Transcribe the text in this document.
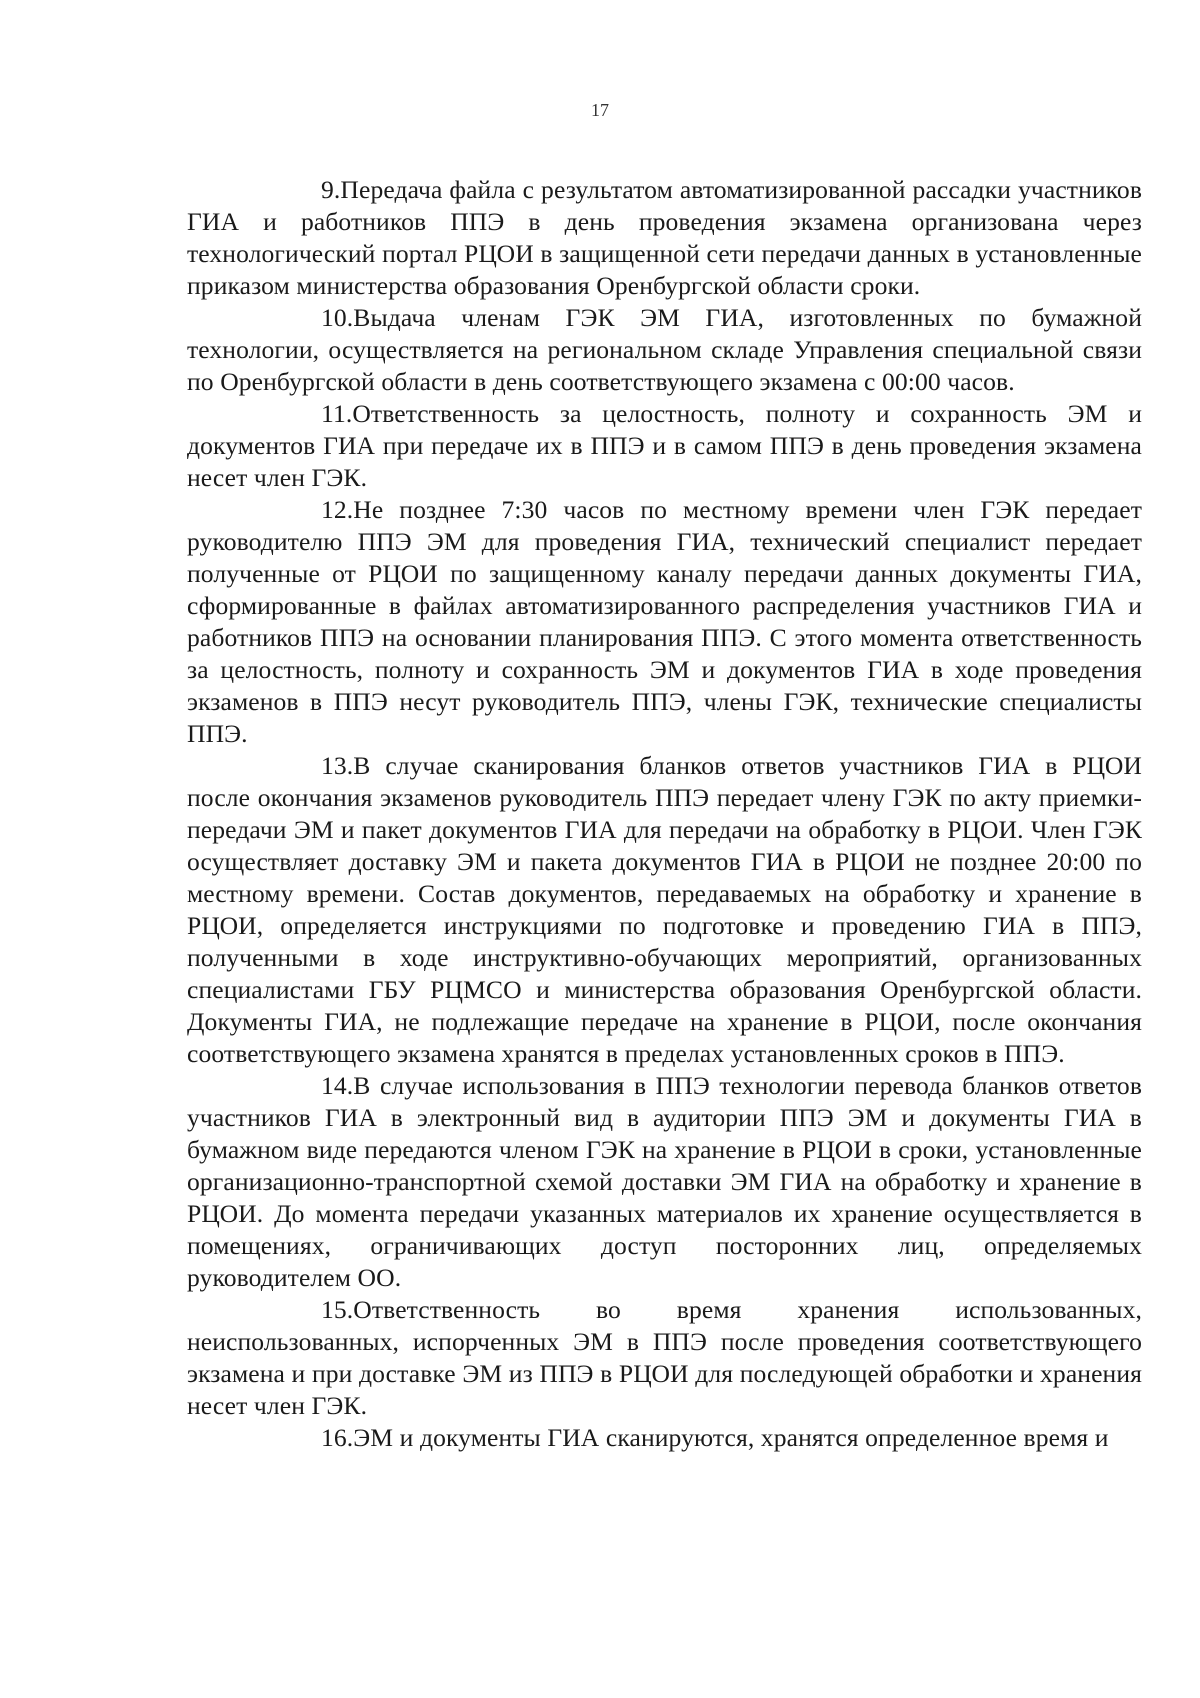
17

9.Передача файла с результатом автоматизированной рассадки участников ГИА и работников ППЭ в день проведения экзамена организована через технологический портал РЦОИ в защищенной сети передачи данных в установленные приказом министерства образования Оренбургской области сроки.

10.Выдача членам ГЭК ЭМ ГИА, изготовленных по бумажной технологии, осуществляется на региональном складе Управления специальной связи по Оренбургской области в день соответствующего экзамена с 00:00 часов.

11.Ответственность за целостность, полноту и сохранность ЭМ и документов ГИА при передаче их в ППЭ и в самом ППЭ в день проведения экзамена несет член ГЭК.

12.Не позднее 7:30 часов по местному времени член ГЭК передает руководителю ППЭ ЭМ для проведения ГИА, технический специалист передает полученные от РЦОИ по защищенному каналу передачи данных документы ГИА, сформированные в файлах автоматизированного распределения участников ГИА и работников ППЭ на основании планирования ППЭ. С этого момента ответственность за целостность, полноту и сохранность ЭМ и документов ГИА в ходе проведения экзаменов в ППЭ несут руководитель ППЭ, члены ГЭК, технические специалисты ППЭ.

13.В случае сканирования бланков ответов участников ГИА в РЦОИ после окончания экзаменов руководитель ППЭ передает члену ГЭК по акту приемки-передачи ЭМ и пакет документов ГИА для передачи на обработку в РЦОИ. Член ГЭК осуществляет доставку ЭМ и пакета документов ГИА в РЦОИ не позднее 20:00 по местному времени. Состав документов, передаваемых на обработку и хранение в РЦОИ, определяется инструкциями по подготовке и проведению ГИА в ППЭ, полученными в ходе инструктивно-обучающих мероприятий, организованных специалистами ГБУ РЦМСО и министерства образования Оренбургской области. Документы ГИА, не подлежащие передаче на хранение в РЦОИ, после окончания соответствующего экзамена хранятся в пределах установленных сроков в ППЭ.

14.В случае использования в ППЭ технологии перевода бланков ответов участников ГИА в электронный вид в аудитории ППЭ ЭМ и документы ГИА в бумажном виде передаются членом ГЭК на хранение в РЦОИ в сроки, установленные организационно-транспортной схемой доставки ЭМ ГИА на обработку и хранение в РЦОИ. До момента передачи указанных материалов их хранение осуществляется в помещениях, ограничивающих доступ посторонних лиц, определяемых руководителем ОО.

15.Ответственность во время хранения использованных, неиспользованных, испорченных ЭМ в ППЭ после проведения соответствующего экзамена и при доставке ЭМ из ППЭ в РЦОИ для последующей обработки и хранения несет член ГЭК.

16.ЭМ и документы ГИА сканируются, хранятся определенное время и
